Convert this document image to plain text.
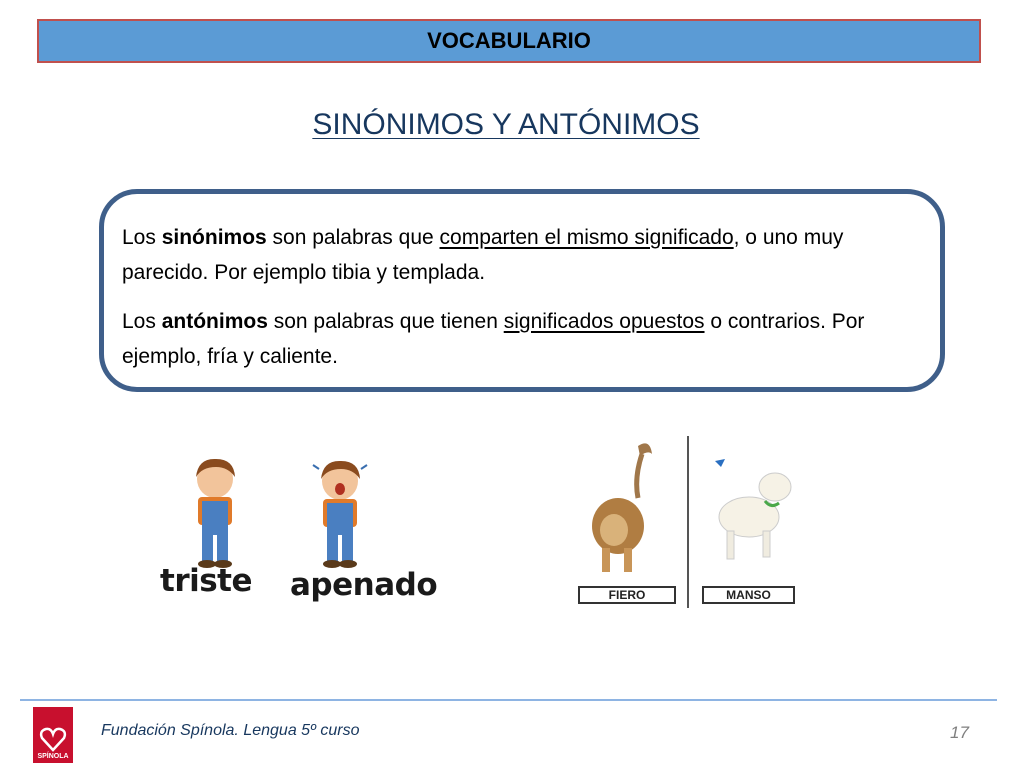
VOCABULARIO
SINÓNIMOS Y ANTÓNIMOS

Los sinónimos son palabras que comparten el mismo significado, o uno muy parecido. Por ejemplo tibia y templada.

Los antónimos son palabras que tienen significados opuestos o contrarios. Por ejemplo, fría y caliente.

triste apenado	FIERO	MANSO
SPÍNOLA
Fundación Spínola. Lengua 5º curso	17
